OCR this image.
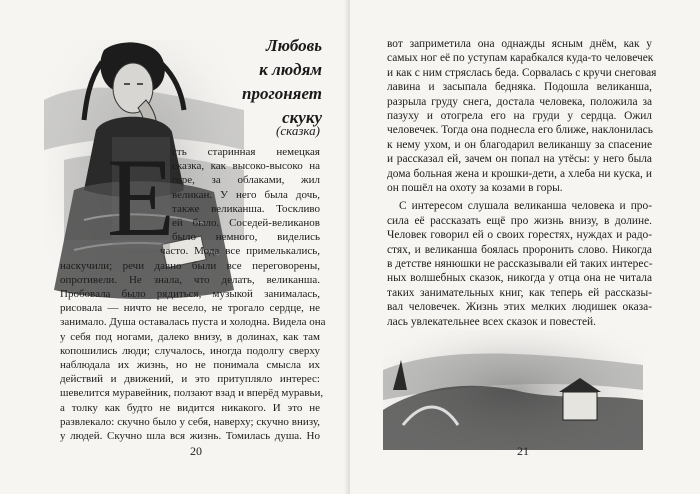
Е
Любовь
к людям
прогоняет
скуку
(сказка)
сть старинная немецкая
сказка, как высоко-высоко на
горе, за облаками, жил
великан. У него была дочь,
также великанша. Тоскливо
ей было. Соседей-великанов
было немного, виделись
часто. Мода все примелькались,
наскучили; речи давно были все переговорены,
опротивели. Не знала, что делать, великанша.
Пробовала было рядиться, музыкой занималась,
рисовала — ничто не весело, не трогало сердце, не
занимало. Душа оставалась пуста и холодна. Видела она
у себя под ногами, далеко внизу, в долинах, как там
копошились люди; случалось, иногда подолгу сверху
наблюдала их жизнь, но не понимала смысла их
действий и движений, и это притупляло интерес:
шевелится муравейник, ползают взад и вперёд муравьи,
а толку как будто не видится никакого. И это не
развлекало: скучно было у себя, наверху; скучно внизу,
у людей. Скучно шла вся жизнь. Томилась душа. Но
20
вот заприметила она однажды ясным днём, как у
самых ног её по уступам карабкался куда-то человечек
и как с ним стряслась беда. Сорвалась с кручи снеговая
лавина и засыпала бедняка. Подошла великанша,
разрыла груду снега, достала человека, положила за
пазуху и отогрела его на груди у сердца. Ожил
человечек. Тогда она поднесла его ближе, наклонилась
к нему ухом, и он благодарил великаншу за спасение
и рассказал ей, зачем он попал на утёсы: у него была
дома больная жена и крошки-дети, а хлеба ни куска, и
он пошёл на охоту за козами в горы.
С интересом слушала великанша человека и про-
сила её рассказать ещё про жизнь внизу, в долине.
Человек говорил ей о своих горестях, нуждах и радо-
стях, и великанша боялась проронить слово. Никогда
в детстве нянюшки не рассказывали ей таких интерес-
ных волшебных сказок, никогда у отца она не читала
таких занимательных книг, как теперь ей рассказы-
вал человечек. Жизнь этих мелких людишек оказа-
лась увлекательнее всех сказок и повестей.
21
